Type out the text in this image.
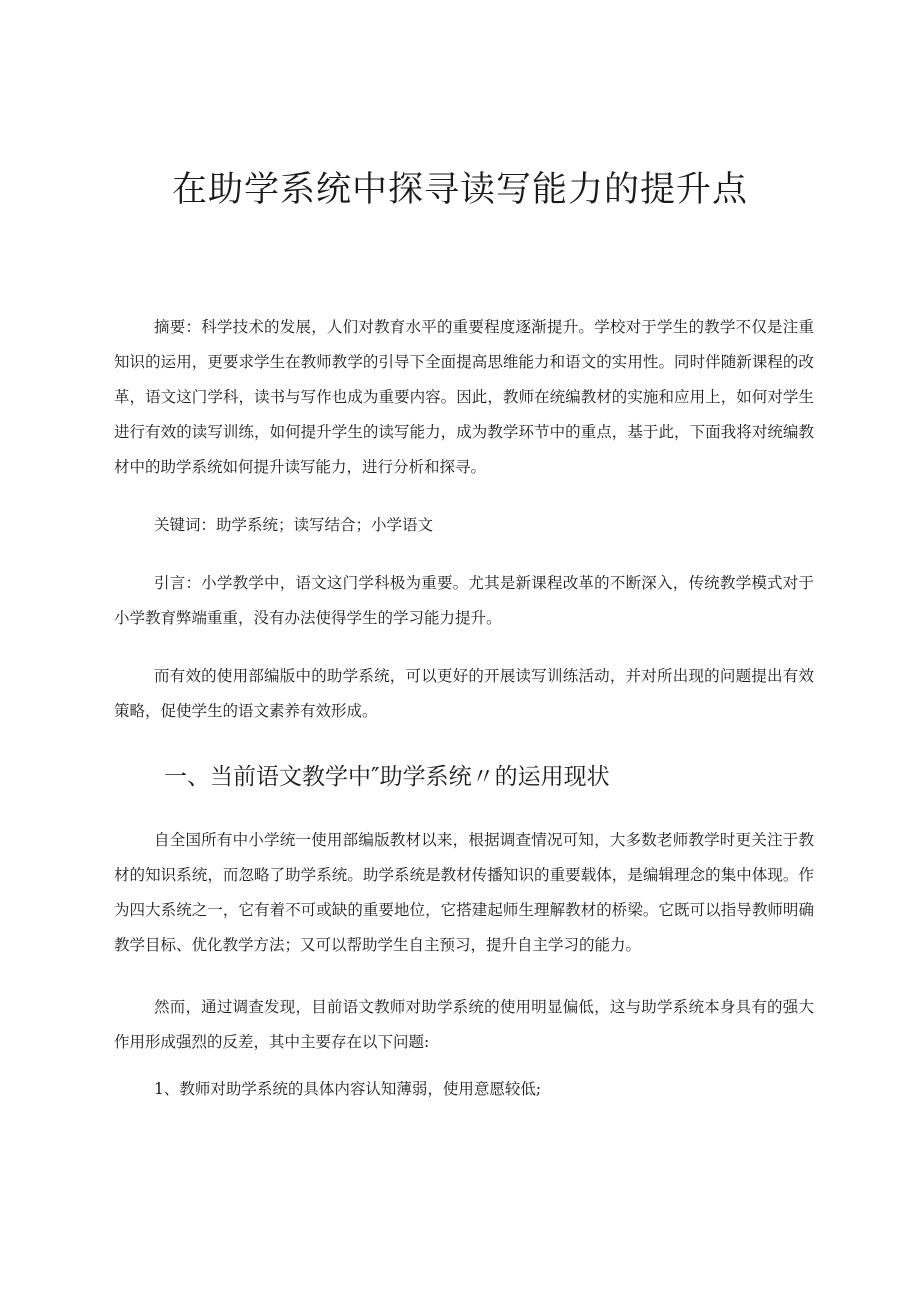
在助学系统中探寻读写能力的提升点

摘要：科学技术的发展，人们对教育水平的重要程度逐渐提升。学校对于学生的教学不仅是注重知识的运用，更要求学生在教师教学的引导下全面提高思维能力和语文的实用性。同时伴随新课程的改革，语文这门学科，读书与写作也成为重要内容。因此，教师在统编教材的实施和应用上，如何对学生进行有效的读写训练，如何提升学生的读写能力，成为教学环节中的重点，基于此，下面我将对统编教材中的助学系统如何提升读写能力，进行分析和探寻。

关键词：助学系统；读写结合；小学语文

引言：小学教学中，语文这门学科极为重要。尤其是新课程改革的不断深入，传统教学模式对于小学教育弊端重重，没有办法使得学生的学习能力提升。

而有效的使用部编版中的助学系统，可以更好的开展读写训练活动，并对所出现的问题提出有效策略，促使学生的语文素养有效形成。

一、当前语文教学中″助学系统〃的运用现状

自全国所有中小学统一使用部编版教材以来，根据调查情况可知，大多数老师教学时更关注于教材的知识系统，而忽略了助学系统。助学系统是教材传播知识的重要载体，是编辑理念的集中体现。作为四大系统之一，它有着不可或缺的重要地位，它搭建起师生理解教材的桥梁。它既可以指导教师明确教学目标、优化教学方法；又可以帮助学生自主预习，提升自主学习的能力。

然而，通过调查发现，目前语文教师对助学系统的使用明显偏低，这与助学系统本身具有的强大作用形成强烈的反差，其中主要存在以下问题:

1、教师对助学系统的具体内容认知薄弱，使用意愿较低;
